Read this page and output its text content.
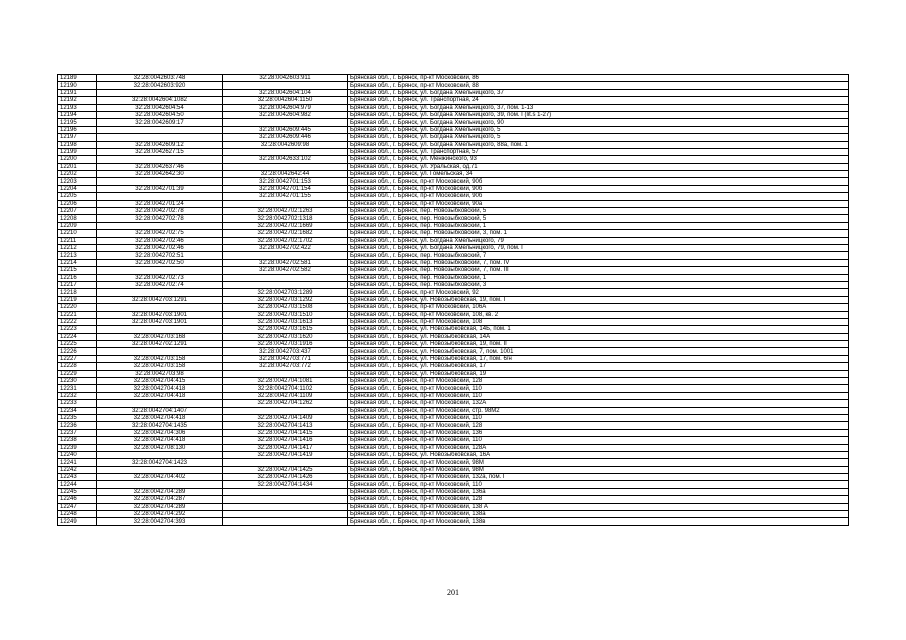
12189	32:28:0042603:748	32:28:0042603:911	Брянская обл., г. Брянск, пр-кт Московский, 86
12190	32:28:0042603:920		Брянская обл., г. Брянск, пр-кт Московский, 88
12191		32:28:0042604:104	Брянская обл., г. Брянск, ул. Богдана Хмельницкого, 37
12192	32:28:0042604:1082	32:28:0042604:1150	Брянская обл., г. Брянск, ул. Транспортная, 24
12193	32:28:0042604:54	32:28:0042604:979	Брянская обл., г. Брянск, ул. Богдана Хмельницкого, 37, пом. 1-13
12194	32:28:0042604:50	32:28:0042604:982	Брянская обл., г. Брянск, ул. Богдана Хмельницкого, 39, пом. I (lit.s 1-27)
12195	32:28:0042609:17		Брянская обл., г. Брянск, ул. Богдана Хмельницкого, 90
12196		32:28:0042609:445	Брянская обл., г. Брянск, ул. Богдана Хмельницкого, 5
12197		32:28:0042609:446	Брянская обл., г. Брянск, ул. Богдана Хмельницкого, 5
12198	32:28:0042609:12	32:28:0042609:98	Брянская обл., г. Брянск, ул. Богдана Хмельницкого, 88а, пом. 1
12199	32:28:0042627:15		Брянская обл., г. Брянск, ул. Транспортная, 57
12200		32:28:0042633:102	Брянская обл., г. Брянск, ул. Менжинского, 93
12201	32:28:0042637:46		Брянская обл., г. Брянск, ул. Уральская, од.71
12202	32:28:0042642:30	32:28:0042642:44	Брянская обл., г. Брянск, ул. Гомельская, 34
12203		32:28:0042701:153	Брянская обл., г. Брянск, пр-кт Московский, 90б
12204	32:28:0042701:39	32:28:0042701:154	Брянская обл., г. Брянск, пр-кт Московский, 90б
12205		32:28:0042701:155	Брянская обл., г. Брянск, пр-кт Московский, 90б
12206	32:28:0042701:24		Брянская обл., г. Брянск, пр-кт Московский, 90а
12207	32:28:0042702:78	32:28:0042702:1263	Брянская обл., г. Брянск, пер. Новозыбковский, 5
12208	32:28:0042702:78	32:28:0042702:1318	Брянская обл., г. Брянск, пер. Новозыбковский, 5
12209		32:28:0042702:1669	Брянская обл., г. Брянск, пер. Новозыбковский, 1
12210	32:28:0042702:75	32:28:0042702:1682	Брянская обл., г. Брянск, пер. Новозыбковский, 3, пом. 1
12211	32:28:0042702:46	32:28:0042702:1702	Брянская обл., г. Брянск, ул. Богдана Хмельницкого, 79
12212	32:28:0042702:46	32:28:0042702:422	Брянская обл., г. Брянск, ул. Богдана Хмельницкого, 79, пом. I
12213	32:28:0042702:51		Брянская обл., г. Брянск, пер. Новозыбковский, 7
12214	32:28:0042702:50	32:28:0042702:581	Брянская обл., г. Брянск, пер. Новозыбковский, 7, пом. IV
12215		32:28:0042702:582	Брянская обл., г. Брянск, пер. Новозыбковский, 7, пом. III
12216	32:28:0042702:73		Брянская обл., г. Брянск, пер. Новозыбковский, 1
12217	32:28:0042702:74		Брянская обл., г. Брянск, пер. Новозыбковский, 3
12218		32:28:0042703:1289	Брянская обл., г. Брянск, пр-кт Московский, 92
12219	32:28:0042703:1291	32:28:0042703:1292	Брянская обл., г. Брянск, ул. Новозыбковская, 19, пом. I
12220		32:28:0042703:1508	Брянская обл., г. Брянск, пр-кт Московский, 106А
12221	32:28:0042703:1901	32:28:0042703:1510	Брянская обл., г. Брянск, пр-кт Московский, 108, кв. 2
12222	32:28:0042703:1901	32:28:0042703:1613	Брянская обл., г. Брянск, пр-кт Московский, 108
12223		32:28:0042703:1615	Брянская обл., г. Брянск, ул. Новозыбковская, 14Б, пом. 1
12224	32:28:0042703:168	32:28:0042703:1620	Брянская обл., г. Брянск, ул. Новозыбковская, 14А
12225	32:28:0042702:1291	32:28:0042703:1916	Брянская обл., г. Брянск, ул. Новозыбковская, 19, пом. II
12226		32:28:0042703:437	Брянская обл., г. Брянск, ул. Новозыбковская, 7, пом. 1001
12227	32:28:0042703:158	32:28:0042703:771	Брянская обл., г. Брянск, ул. Новозыбковская, 17, пом. 6/н
12228	32:28:0042703:158	32:28:0042703:772	Брянская обл., г. Брянск, ул. Новозыбковская, 17
12229	32:28:0042703:98		Брянская обл., г. Брянск, ул. Новозыбковская, 19
12230	32:28:0042704:415	32:28:0042704:1081	Брянская обл., г. Брянск, пр-кт Московский, 128
12231	32:28:0042704:418	32:28:0042704:1102	Брянская обл., г. Брянск, пр-кт Московский, 110
12232	32:28:0042704:418	32:28:0042704:1109	Брянская обл., г. Брянск, пр-кт Московский, 110
12233		32:28:0042704:1262	Брянская обл., г. Брянск, пр-кт Московский, 132А
12234	32:28:0042704:1407		Брянская обл., г. Брянск, пр-кт Московский, стр. 98М2
12235	32:28:0042704:418	32:28:0042704:1409	Брянская обл., г. Брянск, пр-кт Московский, 110
12236	32:28:0042704:1435	32:28:0042704:1413	Брянская обл., г. Брянск, пр-кт Московский, 128
12237	32:28:0042704:306	32:28:0042704:1415	Брянская обл., г. Брянск, пр-кт Московский, 136
12238	32:28:0042704:418	32:28:0042704:1416	Брянская обл., г. Брянск, пр-кт Московский, 110
12239	32:28:0042708:130	32:28:0042704:1417	Брянская обл., г. Брянск, пр-кт Московский, 128А
12240		32:28:0042704:1419	Брянская обл., г. Брянск, ул. Новозыбковская, 16А
12241	32:28:0042704:1423		Брянская обл., г. Брянск, пр-кт Московский, 98М
12242		32:28:0042704:1425	Брянская обл., г. Брянск, пр-кт Московский, 98М
12243	32:28:0042704:402	32:28:0042704:1426	Брянская обл., г. Брянск, пр-кт Московский, 132а, пом. I
12244		32:28:0042704:1434	Брянская обл., г. Брянск, пр-кт Московский, 110
12245	32:28:0042704:289		Брянская обл., г. Брянск, пр-кт Московский, 136а
12246	32:28:0042704:287		Брянская обл., г. Брянск, пр-кт Московский, 128
12247	32:28:0042704:289		Брянская обл., г. Брянск, пр-кт Московский, 138 А
12248	32:28:0042704:292		Брянская обл., г. Брянск, пр-кт Московский, 138а
12249	32:28:0042704:393		Брянская обл., г. Брянск, пр-кт Московский, 138в
201
